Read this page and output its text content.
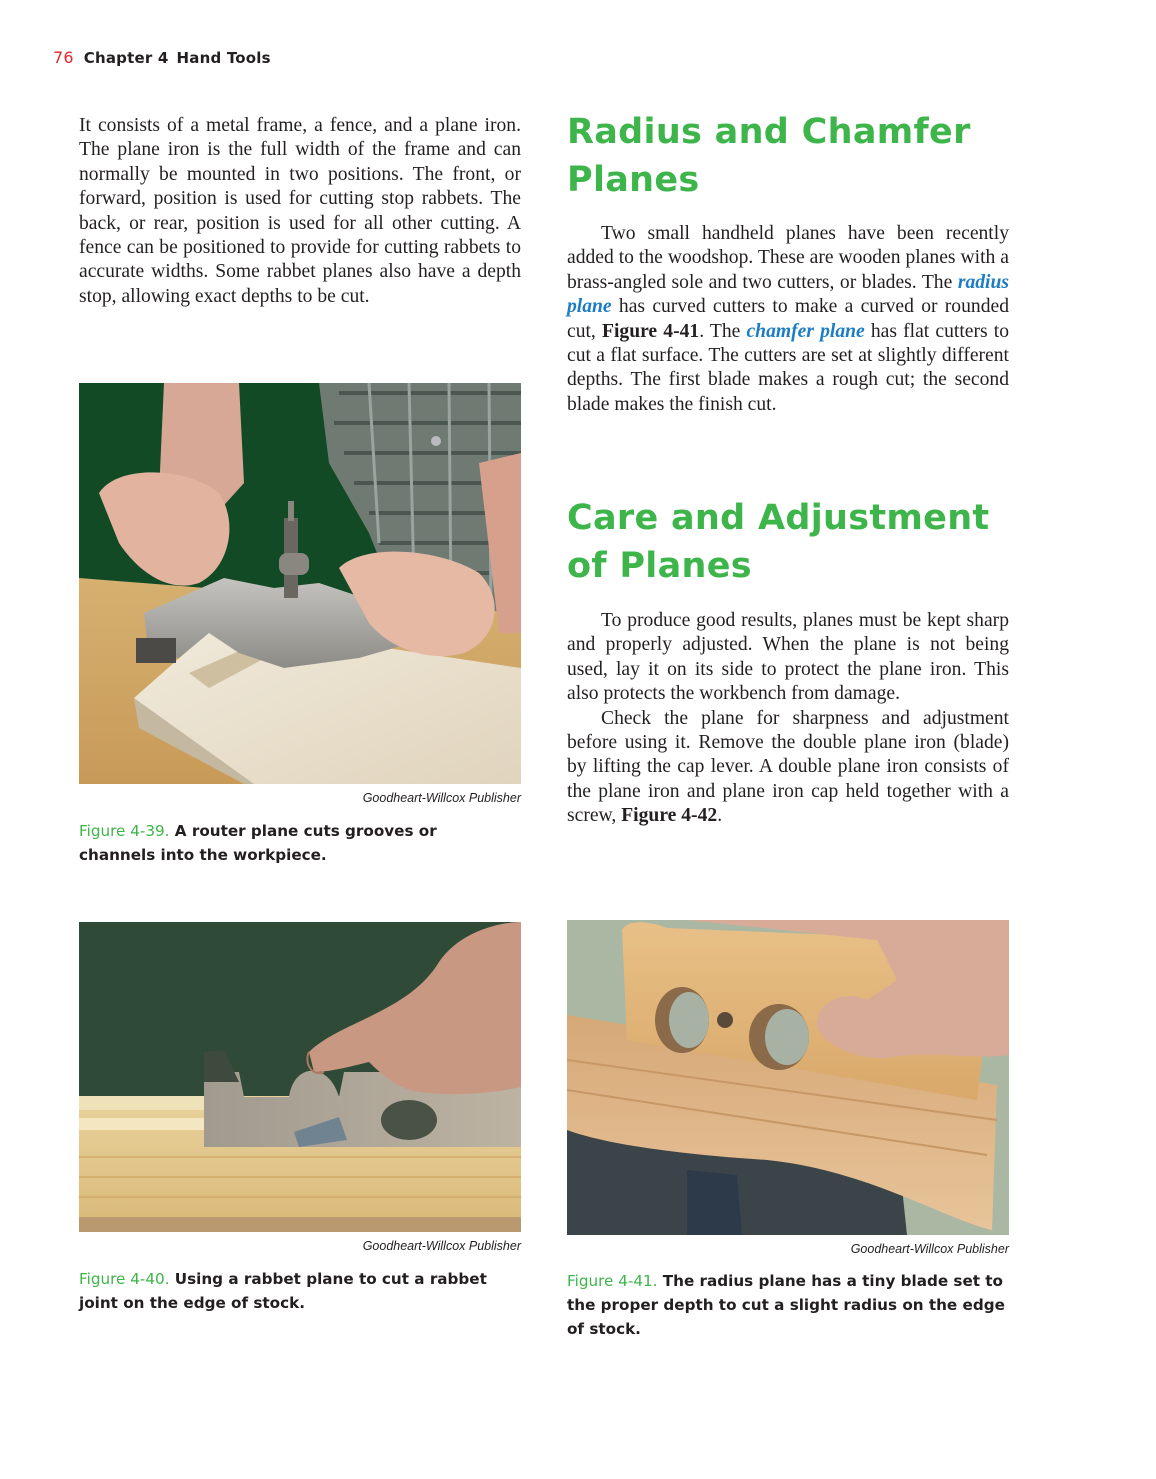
76 Chapter 4 Hand Tools

It consists of a metal frame, a fence, and a plane iron. The plane iron is the full width of the frame and can normally be mounted in two positions. The front, or forward, position is used for cutting stop rabbets. The back, or rear, position is used for all other cutting. A fence can be positioned to provide for cutting rabbets to accurate widths. Some rabbet planes also have a depth stop, allowing exact depths to be cut.

Goodheart-Willcox Publisher
Figure 4-39. A router plane cuts grooves or channels into the workpiece.
Radius and Chamfer Planes

Two small handheld planes have been recently added to the woodshop. These are wooden planes with a brass-angled sole and two cutters, or blades. The radius plane has curved cutters to make a curved or rounded cut, Figure 4-41. The chamfer plane has flat cutters to cut a flat surface. The cutters are set at slightly different depths. The first blade makes a rough cut; the second blade makes the finish cut.

Care and Adjustment of Planes

To produce good results, planes must be kept sharp and properly adjusted. When the plane is not being used, lay it on its side to protect the plane iron. This also protects the workbench from damage.

Check the plane for sharpness and adjustment before using it. Remove the double plane iron (blade) by lifting the cap lever. A double plane iron consists of the plane iron and plane iron cap held together with a screw, Figure 4-42.

Goodheart-Willcox Publisher
Figure 4-40. Using a rabbet plane to cut a rabbet joint on the edge of stock.
Goodheart-Willcox Publisher
Figure 4-41. The radius plane has a tiny blade set to the proper depth to cut a slight radius on the edge of stock.
